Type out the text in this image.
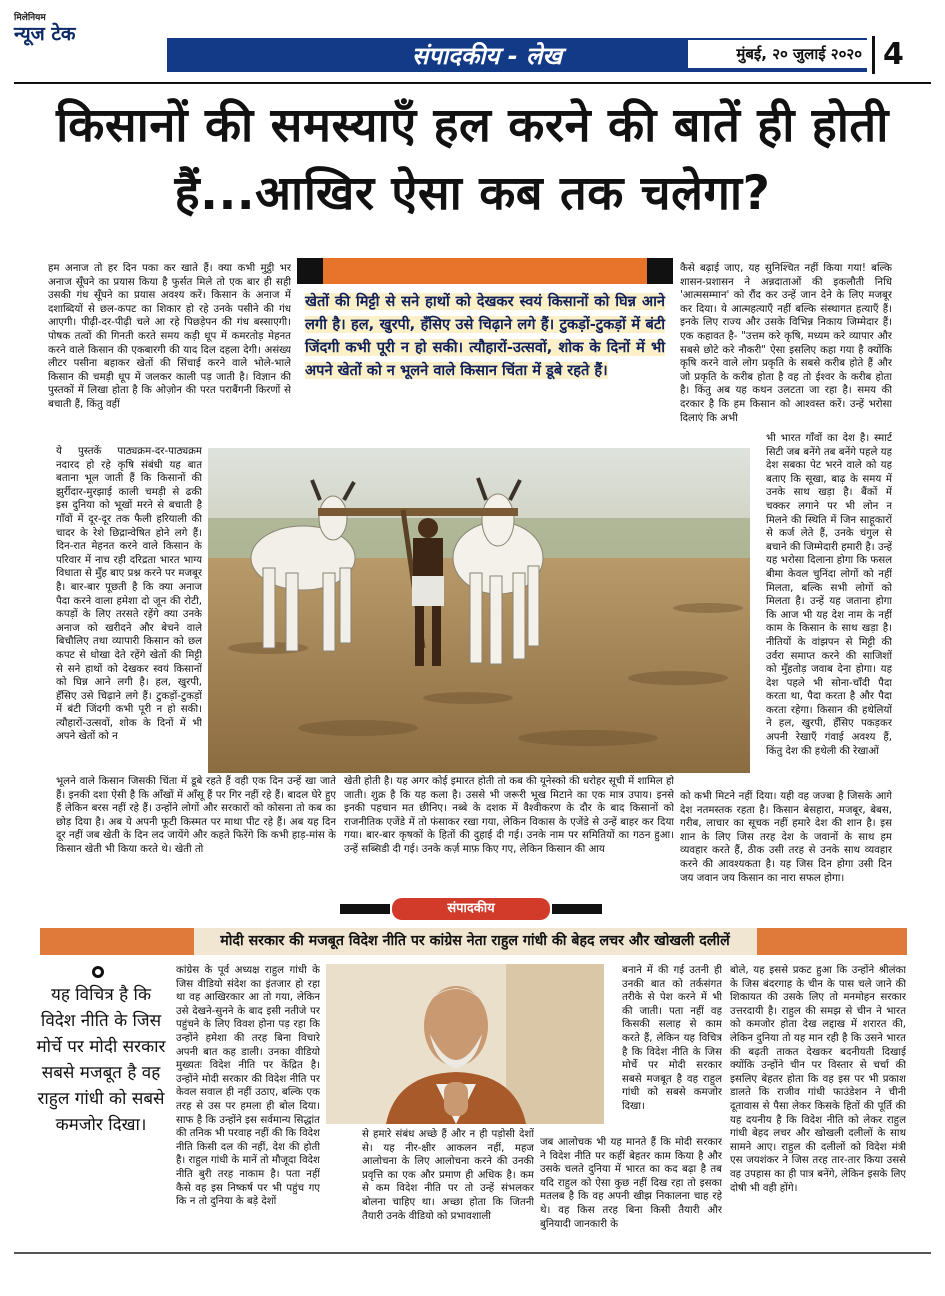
मिलेनियम
न्यूज टेक
संपादकीय - लेख	मुंबई, २० जुलाई २०२० 4
किसानों की समस्याएँ हल करने की बातें ही होती हैं...आखिर ऐसा कब तक चलेगा?
हम अनाज तो हर दिन पका कर खाते हैं। क्या कभी मुट्ठी भर अनाज सूँघने का प्रयास किया है फुर्सत मिले तो एक बार ही सही उसकी गंध सूँघने का प्रयास अवश्य करें। किसान के अनाज में दशाब्दियों से छल-कपट का शिकार हो रहे उनके पसीने की गंध आएगी। पीढ़ी-दर-पीढ़ी चले आ रहे पिछड़ेपन की गंध बस्साएगी। पोषक तत्वों की गिनती करते समय कड़ी धूप में कमरतोड़ मेहनत करने वाले किसान की एकबारगी की याद दिल दहला देगी। असंख्य लीटर पसीना बहाकर खेतों की सिंचाई करने वाले भोले-भाले किसान की चमड़ी धूप में जलकर काली पड़ जाती है। विज्ञान की पुस्तकों में लिखा होता है कि ओज़ोन की परत पराबैंगनी किरणों से बचाती हैं, किंतु वहीं
ये पुस्तकें पाठ्यक्रम-दर-पाठ्यक्रम नदारद हो रहे कृषि संबंधी यह बात बताना भूल जाती हैं कि किसानों की झुर्रीदार-मुरझाई काली चमड़ी से ढकी इस दुनिया को भूखों मरने से बचाती है गाँवों में दूर-दूर तक फैली हरियाली की चादर के रेशे छिद्रान्वेषित होने लगे हैं। दिन-रात मेहनत करने वाले किसान के परिवार में नाच रही दरिद्रता भारत भाग्य विधाता से मुँह बाए प्रश्न करने पर मजबूर है। बार-बार पूछती है कि क्या अनाज पैदा करने वाला हमेशा दो जून की रोटी, कपड़ों के लिए तरसते रहेंगे क्या उनके अनाज को खरीदने और बेचने वाले बिचौलिए तथा व्यापारी किसान को छल कपट से धोखा देते रहेंगे खेतों की मिट्टी से सने हाथों को देखकर स्वयं किसानों को घिन्न आने लगी है। हल, खुरपी, हँसिए उसे चिढ़ाने लगे हैं। टुकड़ों-टुकड़ों में बंटी जिंदगी कभी पूरी न हो सकी। त्यौहारों-उत्सवों, शोक के दिनों में भी अपने खेतों को न
भूलने वाले किसान जिसकी चिंता में डूबे रहते हैं वही एक दिन उन्हें खा जाते हैं। इनकी दशा ऐसी है कि आँखों में आँसू हैं पर गिर नहीं रहे हैं। बादल घेरे हुए हैं लेकिन बरस नहीं रहे हैं। उन्होंने लोगों और सरकारों को कोसना तो कब का छोड़ दिया है। अब ये अपनी फूटी किस्मत पर माथा पीट रहे हैं। अब यह दिन दूर नहीं जब खेती के दिन लद जायेंगे और कहते फिरेंगे कि कभी हाड़-मांस के किसान खेती भी किया करते थे। खेती तो
खेती होती है। यह अगर कोई इमारत होती तो कब की यूनेस्को की धरोहर सूची में शामिल हो जाती। शुक्र है कि यह कला है। उससे भी जरूरी भूख मिटाने का एक मात्र उपाय। इनसे इनकी पहचान मत छीनिए। नब्बे के दशक में वैश्वीकरण के दौर के बाद किसानों को राजनीतिक एजेंडे में तो फंसाकर रखा गया, लेकिन विकास के एजेंडे से उन्हें बाहर कर दिया गया। बार-बार कृषकों के हितों की दुहाई दी गई। उनके नाम पर समितियों का गठन हुआ। उन्हें सब्सिडी दी गई। उनके कर्ज़ माफ़ किए गए, लेकिन किसान की आय
कैसे बढ़ाई जाए, यह सुनिश्चित नहीं किया गया! बल्कि शासन-प्रशासन ने अन्नदाताओं की इकलौती निधि 'आत्मसम्मान' को रौंद कर उन्हें जान देने के लिए मजबूर कर दिया। ये आत्महत्याएँ नहीं बल्कि संस्थागत हत्याएँ हैं। इनके लिए राज्य और उसके विभिन्न निकाय जिम्मेदार हैं। एक कहावत है- "उत्तम करे कृषि, मध्यम करे व्यापार और सबसे छोटे करे नौकरी" ऐसा इसलिए कहा गया है क्योंकि कृषि करने वाले लोग प्रकृति के सबसे करीब होते हैं और जो प्रकृति के करीब होता है वह तो ईश्वर के करीब होता है। किंतु अब यह कथन उलटता जा रहा है। समय की दरकार है कि हम किसान को आश्वस्त करें। उन्हें भरोसा दिलाएं कि अभी
भी भारत गाँवों का देश है। स्मार्ट सिटी जब बनेंगे तब बनेंगे पहले यह देश सबका पेट भरने वाले को यह बताए कि सूखा, बाढ़ के समय में उनके साथ खड़ा है। बैंकों में चक्कर लगाने पर भी लोन न मिलने की स्थिति में जिन साहूकारों से कर्ज लेते हैं, उनके चंगुल से बचाने की जिम्मेदारी हमारी है। उन्हें यह भरोसा दिलाना होगा कि फसल बीमा केवल चुनिंदा लोगों को नहीं मिलता, बल्कि सभी लोगों को मिलता है। उन्हें यह जताना होगा कि आज भी यह देश नाम के नहीं काम के किसान के साथ खड़ा है। नीतियों के वांझपन से मिट्टी की उर्वरा समाप्त करने की साजिशों को मुँहतोड़ जवाब देना होगा। यह देश पहले भी सोना-चाँदी पैदा करता था, पैदा करता है और पैदा करता रहेगा। किसान की हथेलियों ने हल, खुरपी, हँसिए पकड़कर अपनी रेखाएँ गंवाई अवश्य हैं, किंतु देश की हथेली की रेखाओं
को कभी मिटने नहीं दिया। यही वह जज्बा है जिसके आगे देश नतमस्तक रहता है। किसान बेसहारा, मजबूर, बेबस, गरीब, लाचार का सूचक नहीं हमारे देश की शान है। इस शान के लिए जिस तरह देश के जवानों के साथ हम व्यवहार करते हैं, ठीक उसी तरह से उनके साथ व्यवहार करने की आवश्यकता है। यह जिस दिन होगा उसी दिन जय जवान जय किसान का नारा सफल होगा।
खेतों की मिट्टी से सने हाथों को देखकर स्वयं किसानों को घिन्न आने लगी है। हल, खुरपी, हँसिए उसे चिढ़ाने लगे हैं। टुकड़ों-टुकड़ों में बंटी जिंदगी कभी पूरी न हो सकी। त्यौहारों-उत्सवों, शोक के दिनों में भी अपने खेतों को न भूलने वाले किसान चिंता में डूबे रहते हैं।
संपादकीय
मोदी सरकार की मजबूत विदेश नीति पर कांग्रेस नेता राहुल गांधी की बेहद लचर और खोखली दलीलें
यह विचित्र है कि विदेश नीति के जिस मोर्चे पर मोदी सरकार सबसे मजबूत है वह राहुल गांधी को सबसे कमजोर दिखा।
कांग्रेस के पूर्व अध्यक्ष राहुल गांधी के जिस वीडियो संदेश का इंतजार हो रहा था वह आखिरकार आ तो गया, लेकिन उसे देखने-सुनने के बाद इसी नतीजे पर पहुंचने के लिए विवश होना पड़ रहा कि उन्होंने हमेशा की तरह बिना विचारे अपनी बात कह डाली। उनका वीडियो मुख्यतः विदेश नीति पर केंद्रित है। उन्होंने मोदी सरकार की विदेश नीति पर केवल सवाल ही नहीं उठाए, बल्कि एक तरह से उस पर हमला ही बोल दिया। साफ है कि उन्होंने इस सर्वमान्य सिद्धांत की तनिक भी परवाह नहीं की कि विदेश नीति किसी दल की नहीं, देश की होती है। राहुल गांधी के मानें तो मौजूदा विदेश नीति बुरी तरह नाकाम है। पता नहीं कैसे वह इस निष्कर्ष पर भी पहुंच गए कि न तो दुनिया के बड़े देशों
से हमारे संबंध अच्छे हैं और न ही पड़ोसी देशों से। यह नीर-क्षीर आकलन नहीं, महज आलोचना के लिए आलोचना करने की उनकी प्रवृत्ति का एक और प्रमाण ही अधिक है। कम से कम विदेश नीति पर तो उन्हें संभलकर बोलना चाहिए था। अच्छा होता कि जितनी तैयारी उनके वीडियो को प्रभावशाली
बनाने में की गई उतनी ही उनकी बात को तर्कसंगत तरीके से पेश करने में भी की जाती। पता नहीं वह किसकी सलाह से काम करते हैं, लेकिन यह विचित्र है कि विदेश नीति के जिस मोर्चे पर मोदी सरकार सबसे मजबूत है वह राहुल गांधी को सबसे कमजोर दिखा।
जब आलोचक भी यह मानते हैं कि मोदी सरकार ने विदेश नीति पर कहीं बेहतर काम किया है और उसके चलते दुनिया में भारत का कद बढ़ा है तब यदि राहुल को ऐसा कुछ नहीं दिख रहा तो इसका मतलब है कि वह अपनी खीझ निकालना चाह रहे थे। वह किस तरह बिना किसी तैयारी और बुनियादी जानकारी के
बोले, यह इससे प्रकट हुआ कि उन्होंने श्रीलंका के जिस बंदरगाह के चीन के पास चले जाने की शिकायत की उसके लिए तो मनमोहन सरकार उत्तरदायी है। राहुल की समझ से चीन ने भारत को कमजोर होता देख लद्दाख में शरारत की, लेकिन दुनिया तो यह मान रही है कि उसने भारत की बढ़ती ताकत देखकर बदनीयती दिखाई क्योंकि उन्होंने चीन पर विस्तार से चर्चा की इसलिए बेहतर होता कि वह इस पर भी प्रकाश डालते कि राजीव गांधी फाउंडेशन ने चीनी दूतावास से पैसा लेकर किसके हितों की पूर्ति की यह दयनीय है कि विदेश नीति को लेकर राहुल गांधी बेहद लचर और खोखली दलीलों के साथ सामने आए। राहुल की दलीलों को विदेश मंत्री एस जयशंकर ने जिस तरह तार-तार किया उससे वह उपहास का ही पात्र बनेंगे, लेकिन इसके लिए दोषी भी वही होंगे।
